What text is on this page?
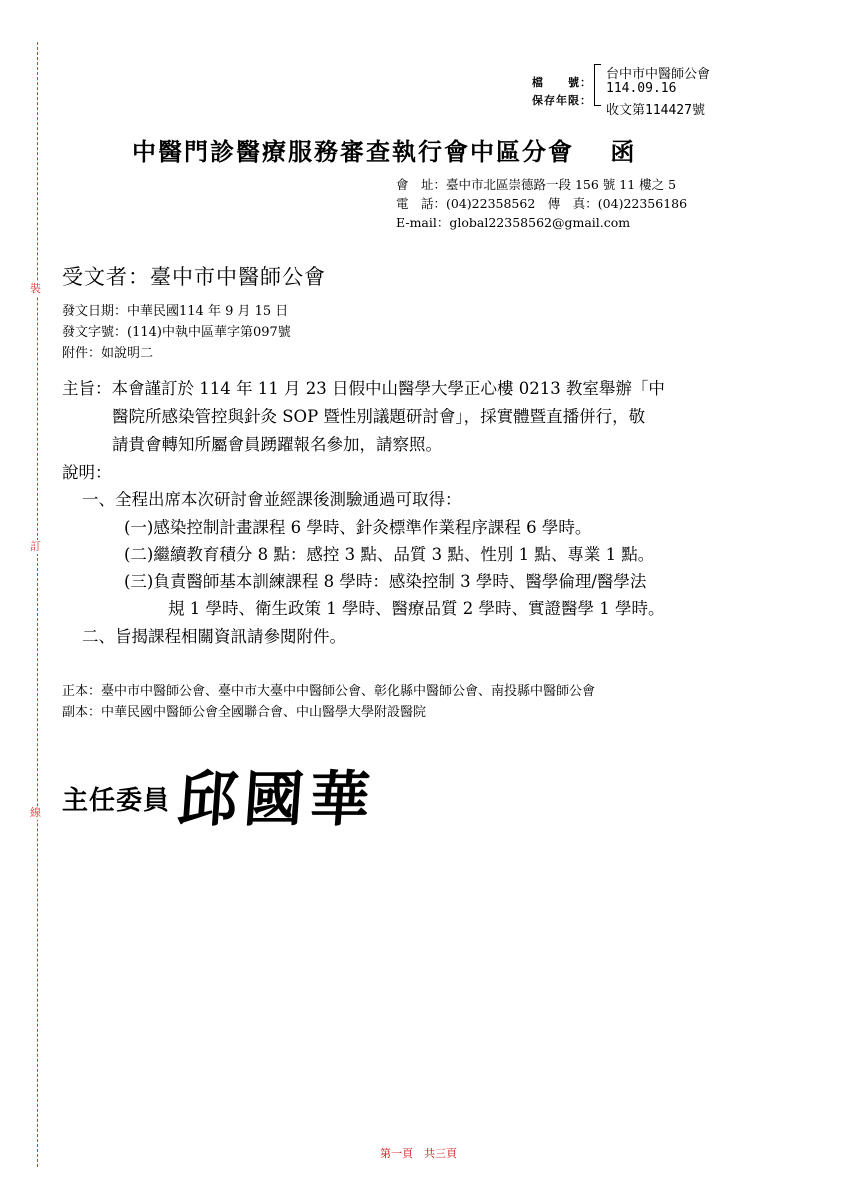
裝
訂
線
檔　　號：
保存年限：
台中市中醫師公會
114.09.16
收文第114427號
中醫門診醫療服務審查執行會中區分會　 函
會　址：臺中市北區崇德路一段 156 號 11 樓之 5
電　話：(04)22358562　傳　真：(04)22356186
E-mail：global22358562@gmail.com
受文者：臺中市中醫師公會
發文日期：中華民國114 年 9 月 15 日
發文字號：(114)中執中區華字第097號
附件：如說明二
主旨：本會謹訂於 114 年 11 月 23 日假中山醫學大學正心樓 0213 教室舉辦「中
醫院所感染管控與針灸 SOP 暨性別議題研討會」，採實體暨直播併行，敬
請貴會轉知所屬會員踴躍報名參加，請察照。
說明：
一、全程出席本次研討會並經課後測驗通過可取得：
(一)感染控制計畫課程 6 學時、針灸標準作業程序課程 6 學時。
(二)繼續教育積分 8 點：感控 3 點、品質 3 點、性別 1 點、專業 1 點。
(三)負責醫師基本訓練課程 8 學時：感染控制 3 學時、醫學倫理/醫學法
規 1 學時、衛生政策 1 學時、醫療品質 2 學時、實證醫學 1 學時。
二、旨揭課程相關資訊請參閱附件。
正本：臺中市中醫師公會、臺中市大臺中中醫師公會、彰化縣中醫師公會、南投縣中醫師公會
副本：中華民國中醫師公會全國聯合會、中山醫學大學附設醫院
主任委員 邱國華
第一頁　共三頁
